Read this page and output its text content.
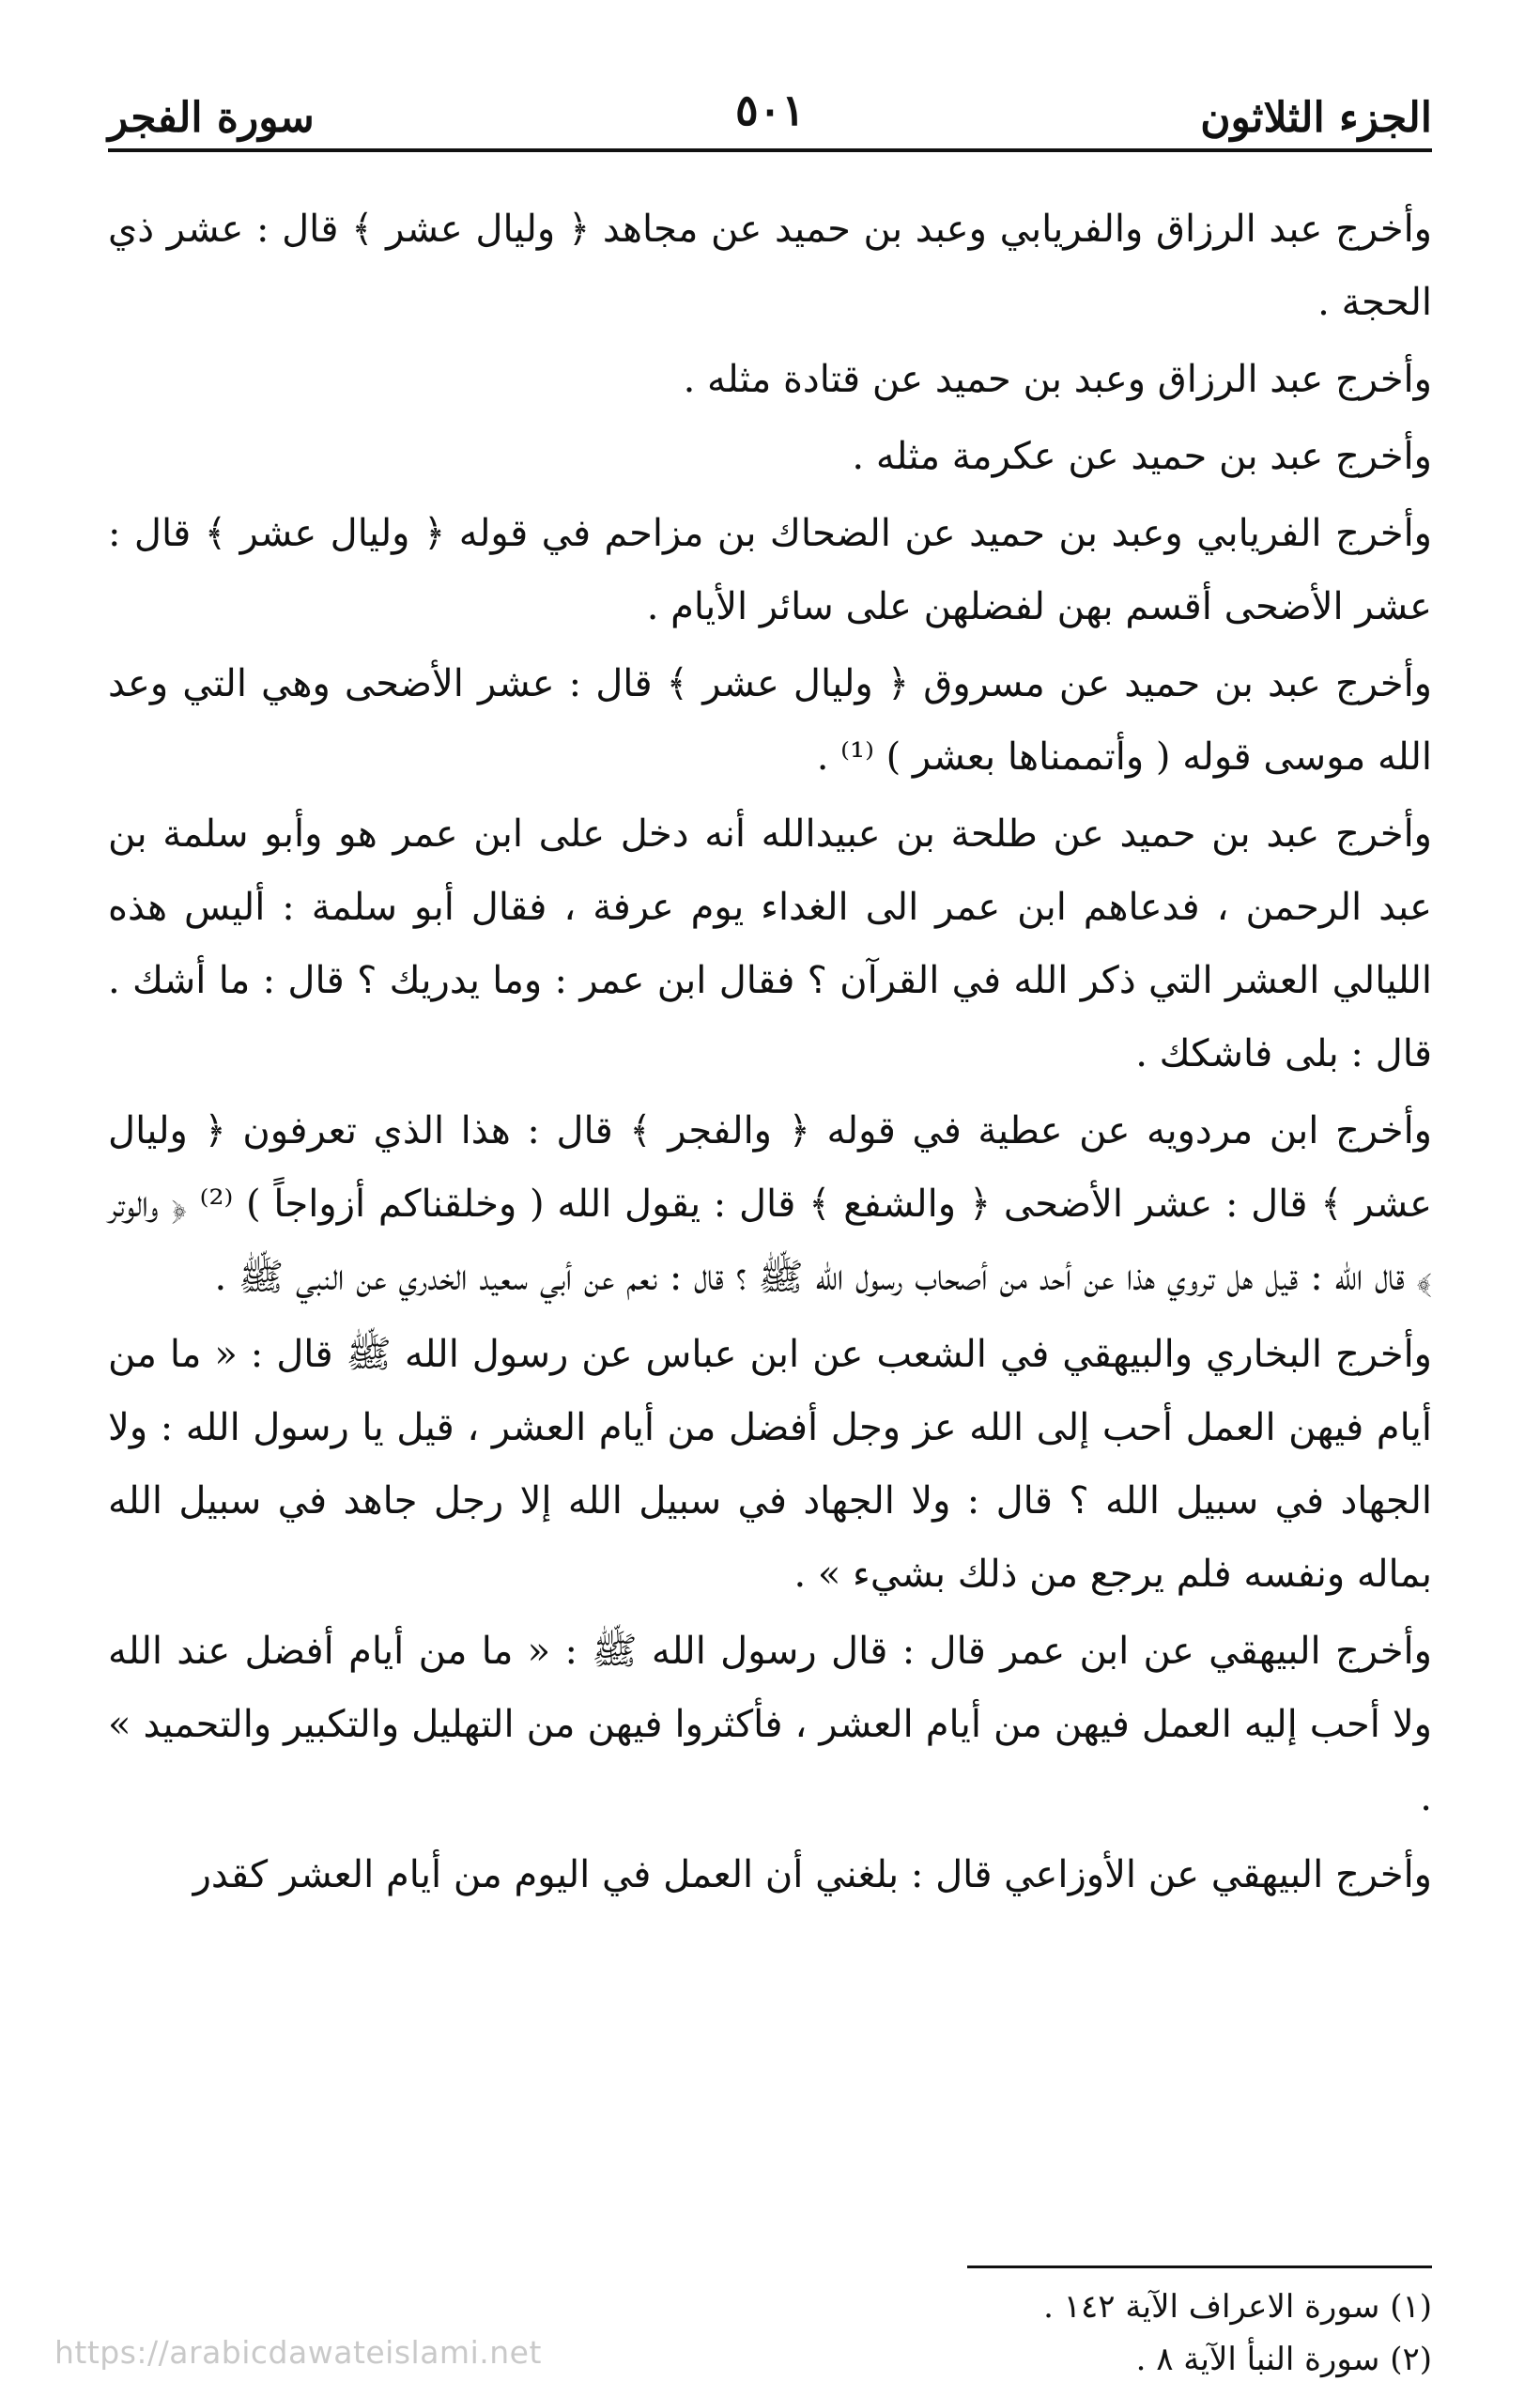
الجزء الثلاثون
٥٠١
سورة الفجر

وأخرج عبد الرزاق والفريابي وعبد بن حميد عن مجاهد ﴿ وليال عشر ﴾ قال : عشر ذي الحجة .

وأخرج عبد الرزاق وعبد بن حميد عن قتادة مثله .

وأخرج عبد بن حميد عن عكرمة مثله .

وأخرج الفريابي وعبد بن حميد عن الضحاك بن مزاحم في قوله ﴿ وليال عشر ﴾ قال : عشر الأضحى أقسم بهن لفضلهن على سائر الأيام .

وأخرج عبد بن حميد عن مسروق ﴿ وليال عشر ﴾ قال : عشر الأضحى وهي التي وعد الله موسى قوله ( وأتممناها بعشر ) ⁽¹⁾ .

وأخرج عبد بن حميد عن طلحة بن عبيدالله أنه دخل على ابن عمر هو وأبو سلمة بن عبد الرحمن ، فدعاهم ابن عمر الى الغداء يوم عرفة ، فقال أبو سلمة : أليس هذه الليالي العشر التي ذكر الله في القرآن ؟ فقال ابن عمر : وما يدريك ؟ قال : ما أشك . قال : بلى فاشكك .

وأخرج ابن مردويه عن عطية في قوله ﴿ والفجر ﴾ قال : هذا الذي تعرفون ﴿ وليال عشر ﴾ قال : عشر الأضحى ﴿ والشفع ﴾ قال : يقول الله ( وخلقناكم أزواجاً ) ⁽²⁾ ﴿ والوتر ﴾ قال الله : قيل هل تروي هذا عن أحد من أصحاب رسول الله ﷺ ؟ قال : نعم عن أبي سعيد الخدري عن النبي ﷺ .

وأخرج البخاري والبيهقي في الشعب عن ابن عباس عن رسول الله ﷺ قال : « ما من أيام فيهن العمل أحب إلى الله عز وجل أفضل من أيام العشر ، قيل يا رسول الله : ولا الجهاد في سبيل الله ؟ قال : ولا الجهاد في سبيل الله إلا رجل جاهد في سبيل الله بماله ونفسه فلم يرجع من ذلك بشيء » .

وأخرج البيهقي عن ابن عمر قال : قال رسول الله ﷺ : « ما من أيام أفضل عند الله ولا أحب إليه العمل فيهن من أيام العشر ، فأكثروا فيهن من التهليل والتكبير والتحميد » .

وأخرج البيهقي عن الأوزاعي قال : بلغني أن العمل في اليوم من أيام العشر كقدر

(١) سورة الاعراف الآية ١٤٢ .
(٢) سورة النبأ الآية ٨ .
https://arabicdawateislami.net
